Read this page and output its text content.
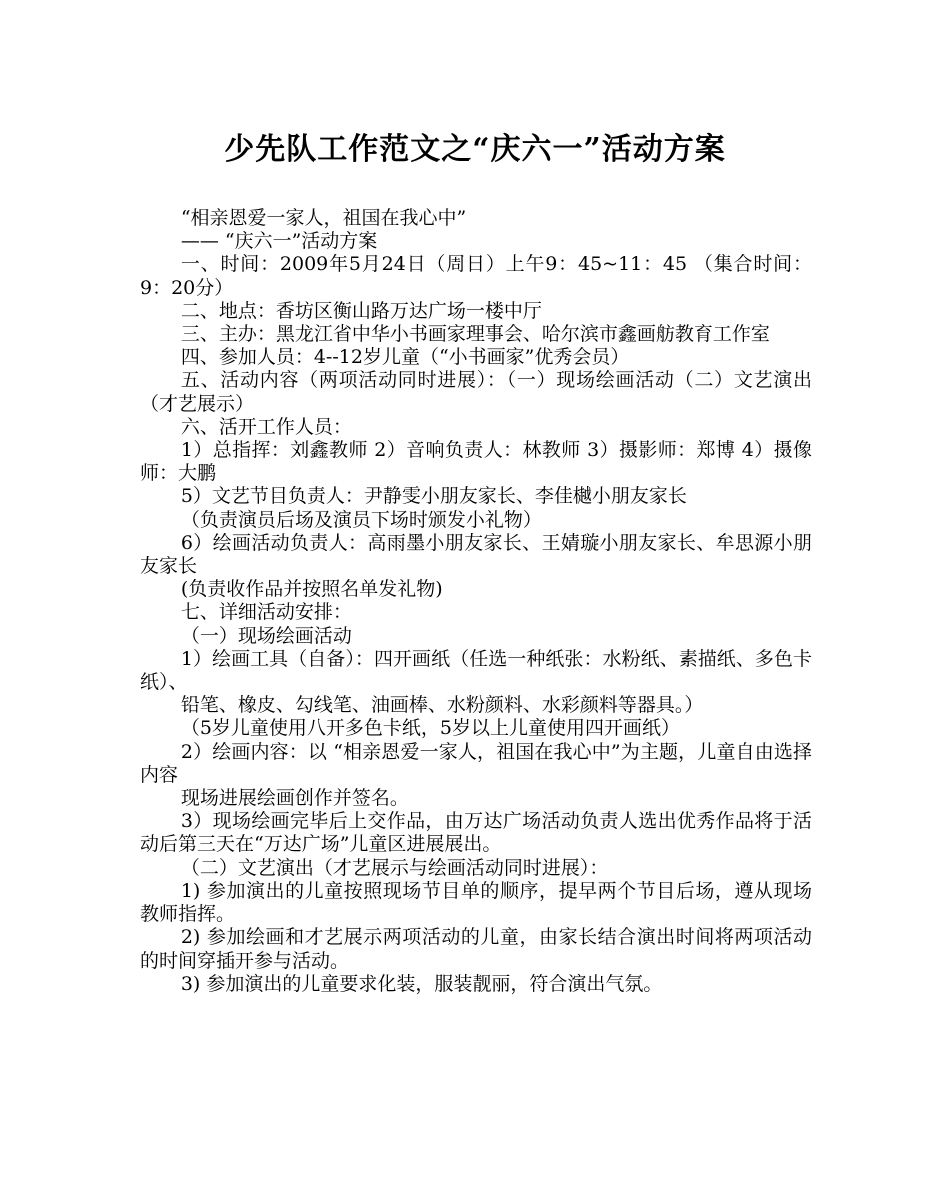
少先队工作范文之“庆六一”活动方案

“相亲恩爱一家人，祖国在我心中”

—— “庆六一”活动方案

一、时间：2009年5月24日（周日）上午9：45~11：45 （集合时间：9：20分）

二、地点：香坊区衡山路万达广场一楼中厅

三、主办：黑龙江省中华小书画家理事会、哈尔滨市鑫画舫教育工作室

四、参加人员：4--12岁儿童（“小书画家”优秀会员）

五、活动内容（两项活动同时进展）：（一）现场绘画活动（二）文艺演出（才艺展示）

六、活开工作人员：

1）总指挥：刘鑫教师 2）音响负责人：林教师 3）摄影师：郑博 4）摄像师：大鹏

5）文艺节目负责人：尹静雯小朋友家长、李佳樾小朋友家长

（负责演员后场及演员下场时颁发小礼物）

6）绘画活动负责人：高雨墨小朋友家长、王婧璇小朋友家长、牟思源小朋友家长

(负责收作品并按照名单发礼物)

七、详细活动安排：

（一）现场绘画活动

1）绘画工具（自备）：四开画纸（任选一种纸张：水粉纸、素描纸、多色卡纸）、

铅笔、橡皮、勾线笔、油画棒、水粉颜料、水彩颜料等器具。）

（5岁儿童使用八开多色卡纸，5岁以上儿童使用四开画纸）

2）绘画内容：以 “相亲恩爱一家人，祖国在我心中”为主题，儿童自由选择内容

现场进展绘画创作并签名。

3）现场绘画完毕后上交作品，由万达广场活动负责人选出优秀作品将于活动后第三天在“万达广场”儿童区进展展出。

（二）文艺演出（才艺展示与绘画活动同时进展）：

1) 参加演出的儿童按照现场节目单的顺序，提早两个节目后场，遵从现场教师指挥。

2) 参加绘画和才艺展示两项活动的儿童，由家长结合演出时间将两项活动的时间穿插开参与活动。

3) 参加演出的儿童要求化装，服装靓丽，符合演出气氛。
